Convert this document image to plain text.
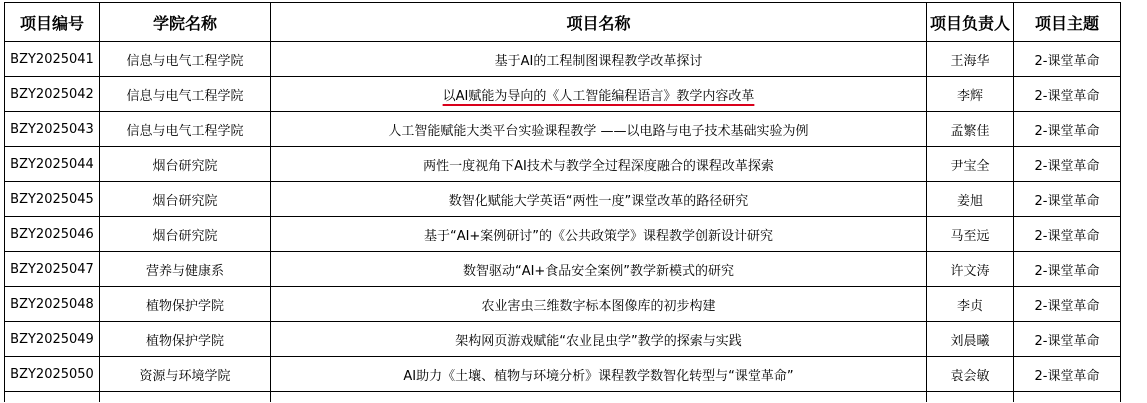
项目编号	学院名称	项目名称	项目负责人	项目主题
BZY2025041	信息与电气工程学院	基于AI的工程制图课程教学改革探讨	王海华	2-课堂革命
BZY2025042	信息与电气工程学院	以AI赋能为导向的《人工智能编程语言》教学内容改革	李辉	2-课堂革命
BZY2025043	信息与电气工程学院	人工智能赋能大类平台实验课程教学 ——以电路与电子技术基础实验为例	孟繁佳	2-课堂革命
BZY2025044	烟台研究院	两性一度视角下AI技术与教学全过程深度融合的课程改革探索	尹宝全	2-课堂革命
BZY2025045	烟台研究院	数智化赋能大学英语“两性一度”课堂改革的路径研究	姜旭	2-课堂革命
BZY2025046	烟台研究院	基于“AI+案例研讨”的《公共政策学》课程教学创新设计研究	马至远	2-课堂革命
BZY2025047	营养与健康系	数智驱动“AI+食品安全案例”教学新模式的研究	许文涛	2-课堂革命
BZY2025048	植物保护学院	农业害虫三维数字标本图像库的初步构建	李贞	2-课堂革命
BZY2025049	植物保护学院	架构网页游戏赋能“农业昆虫学”教学的探索与实践	刘晨曦	2-课堂革命
BZY2025050	资源与环境学院	AI助力《土壤、植物与环境分析》课程教学数智化转型与“课堂革命”	袁会敏	2-课堂革命
